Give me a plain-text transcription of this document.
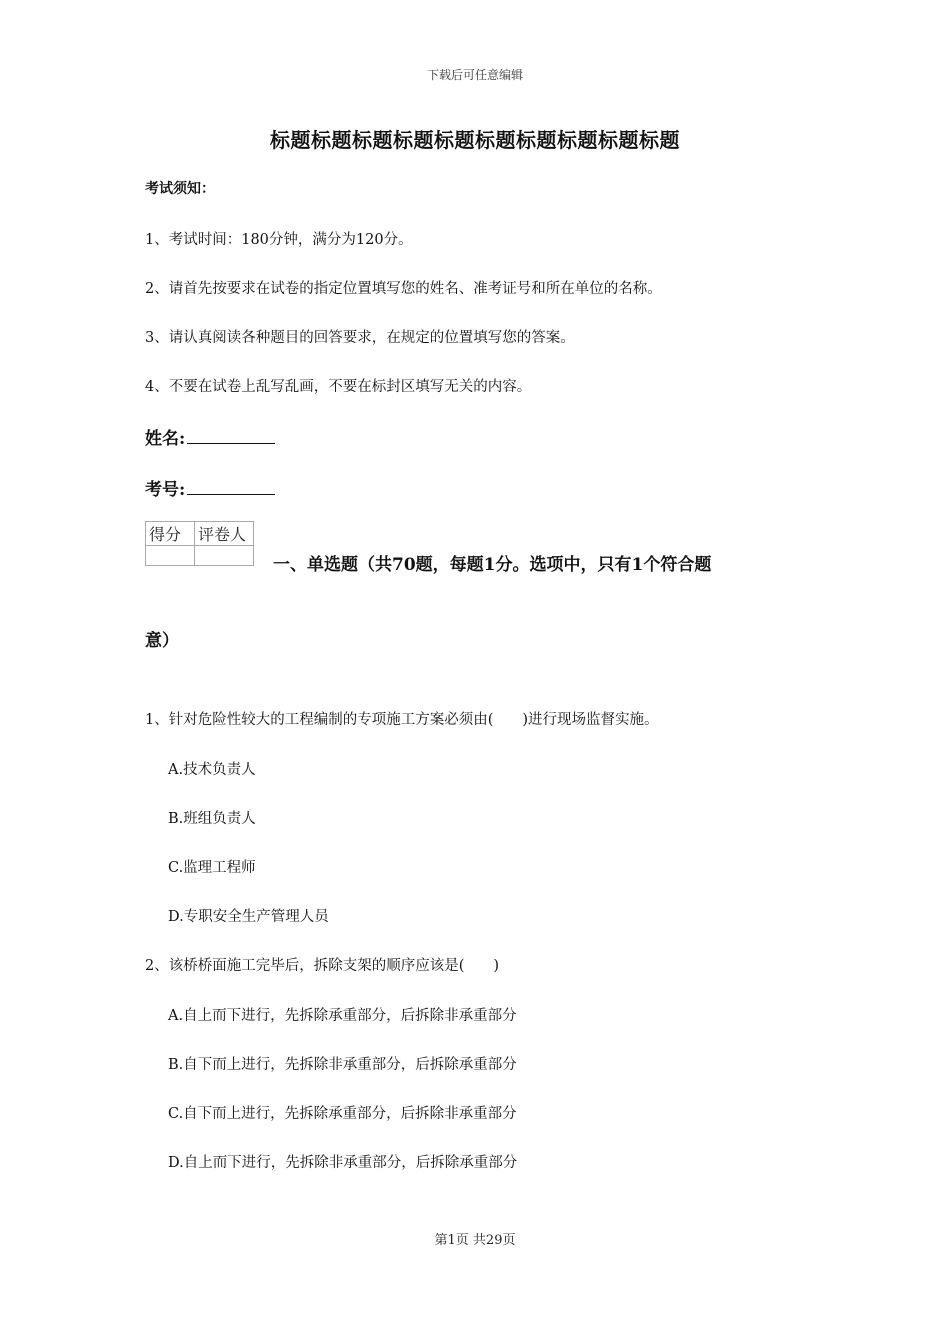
下载后可任意编辑
标题标题标题标题标题标题标题标题标题标题
考试须知：
1、考试时间：180分钟，满分为120分。
2、请首先按要求在试卷的指定位置填写您的姓名、准考证号和所在单位的名称。
3、请认真阅读各种题目的回答要求，在规定的位置填写您的答案。
4、不要在试卷上乱写乱画，不要在标封区填写无关的内容。
姓名:
考号:
得分	评卷人

一、单选题（共70题，每题1分。选项中，只有1个符合题
意）
1、针对危险性较大的工程编制的专项施工方案必须由(　　)进行现场监督实施。
A.技术负责人
B.班组负责人
C.监理工程师
D.专职安全生产管理人员
2、该桥桥面施工完毕后，拆除支架的顺序应该是(　　)
A.自上而下进行，先拆除承重部分，后拆除非承重部分
B.自下而上进行，先拆除非承重部分，后拆除承重部分
C.自下而上进行，先拆除承重部分，后拆除非承重部分
D.自上而下进行，先拆除非承重部分，后拆除承重部分
第1页 共29页
